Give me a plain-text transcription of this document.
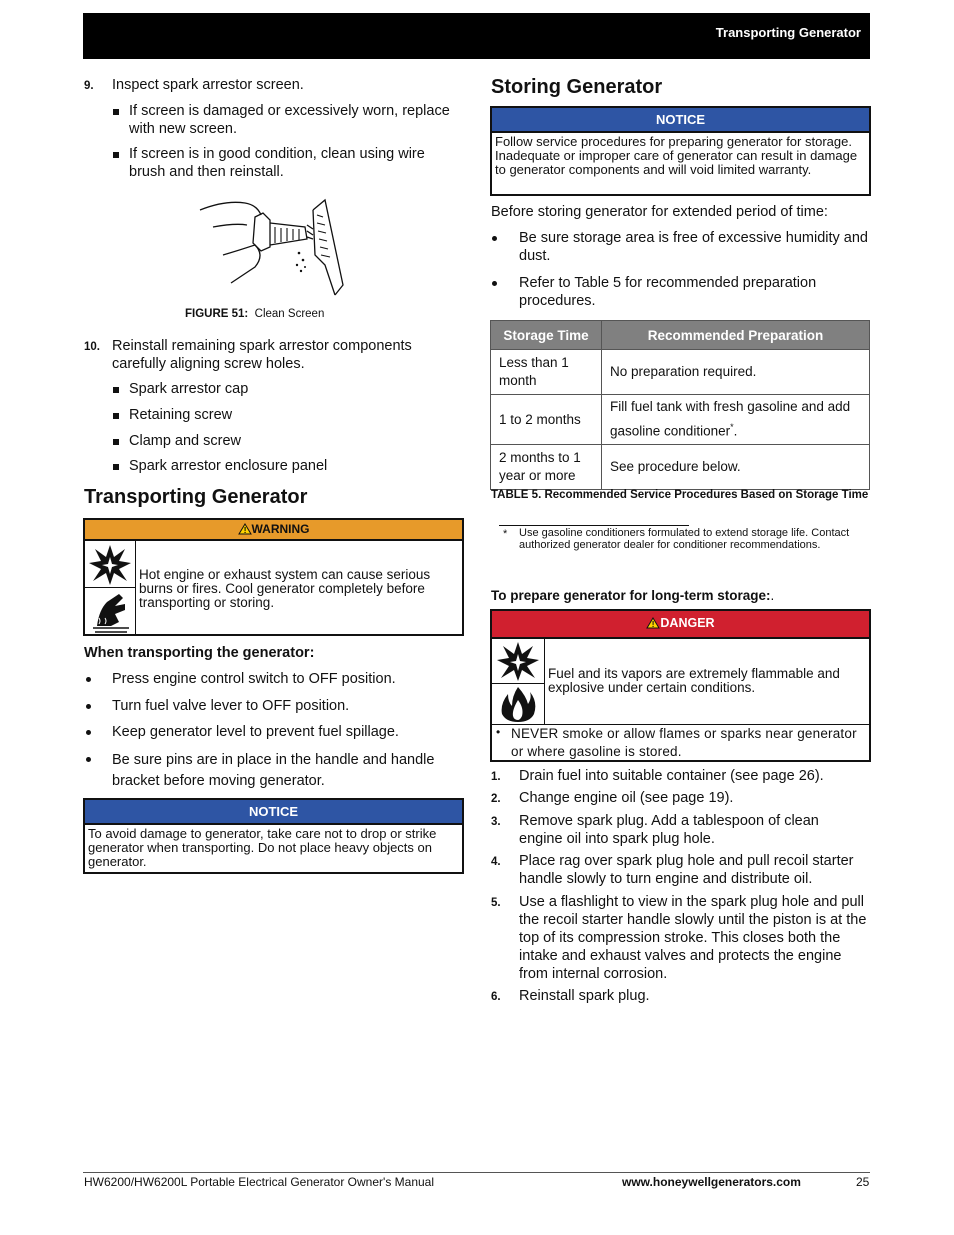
Transporting Generator
9. Inspect spark arrestor screen.
If screen is damaged or excessively worn, replace with new screen.
If screen is in good condition, clean using wire brush and then reinstall.
FIGURE 51: Clean Screen
10. Reinstall remaining spark arrestor components carefully aligning screw holes.
Spark arrestor cap
Retaining screw
Clamp and screw
Spark arrestor enclosure panel
Transporting Generator
! WARNING
Hot engine or exhaust system can cause serious burns or fires. Cool generator completely before transporting or storing.
When transporting the generator:
Press engine control switch to OFF position.
Turn fuel valve lever to OFF position.
Keep generator level to prevent fuel spillage.
Be sure pins are in place in the handle and handle bracket before moving generator.
NOTICE
To avoid damage to generator, take care not to drop or strike generator when transporting. Do not place heavy objects on generator.
Storing Generator
NOTICE
Follow service procedures for preparing generator for storage. Inadequate or improper care of generator can result in damage to generator components and will void limited warranty.
Before storing generator for extended period of time:
Be sure storage area is free of excessive humidity and dust.
Refer to Table 5 for recommended preparation procedures.
Storage Time	Recommended Preparation
Less than 1 month	No preparation required.
1 to 2 months	Fill fuel tank with fresh gasoline and add gasoline conditioner*.
2 months to 1 year or more	See procedure below.
TABLE 5. Recommended Service Procedures Based on Storage Time
* Use gasoline conditioners formulated to extend storage life. Contact authorized generator dealer for conditioner recommendations.
To prepare generator for long-term storage:.
! DANGER
Fuel and its vapors are extremely flammable and explosive under certain conditions.
• NEVER smoke or allow flames or sparks near generator or where gasoline is stored.
1. Drain fuel into suitable container (see page 26).
2. Change engine oil (see page 19).
3. Remove spark plug. Add a tablespoon of clean engine oil into spark plug hole.
4. Place rag over spark plug hole and pull recoil starter handle slowly to turn engine and distribute oil.
5. Use a flashlight to view in the spark plug hole and pull the recoil starter handle slowly until the piston is at the top of its compression stroke. This closes both the intake and exhaust valves and protects the engine from internal corrosion.
6. Reinstall spark plug.
HW6200/HW6200L Portable Electrical Generator Owner's Manual	www.honeywellgenerators.com	25
